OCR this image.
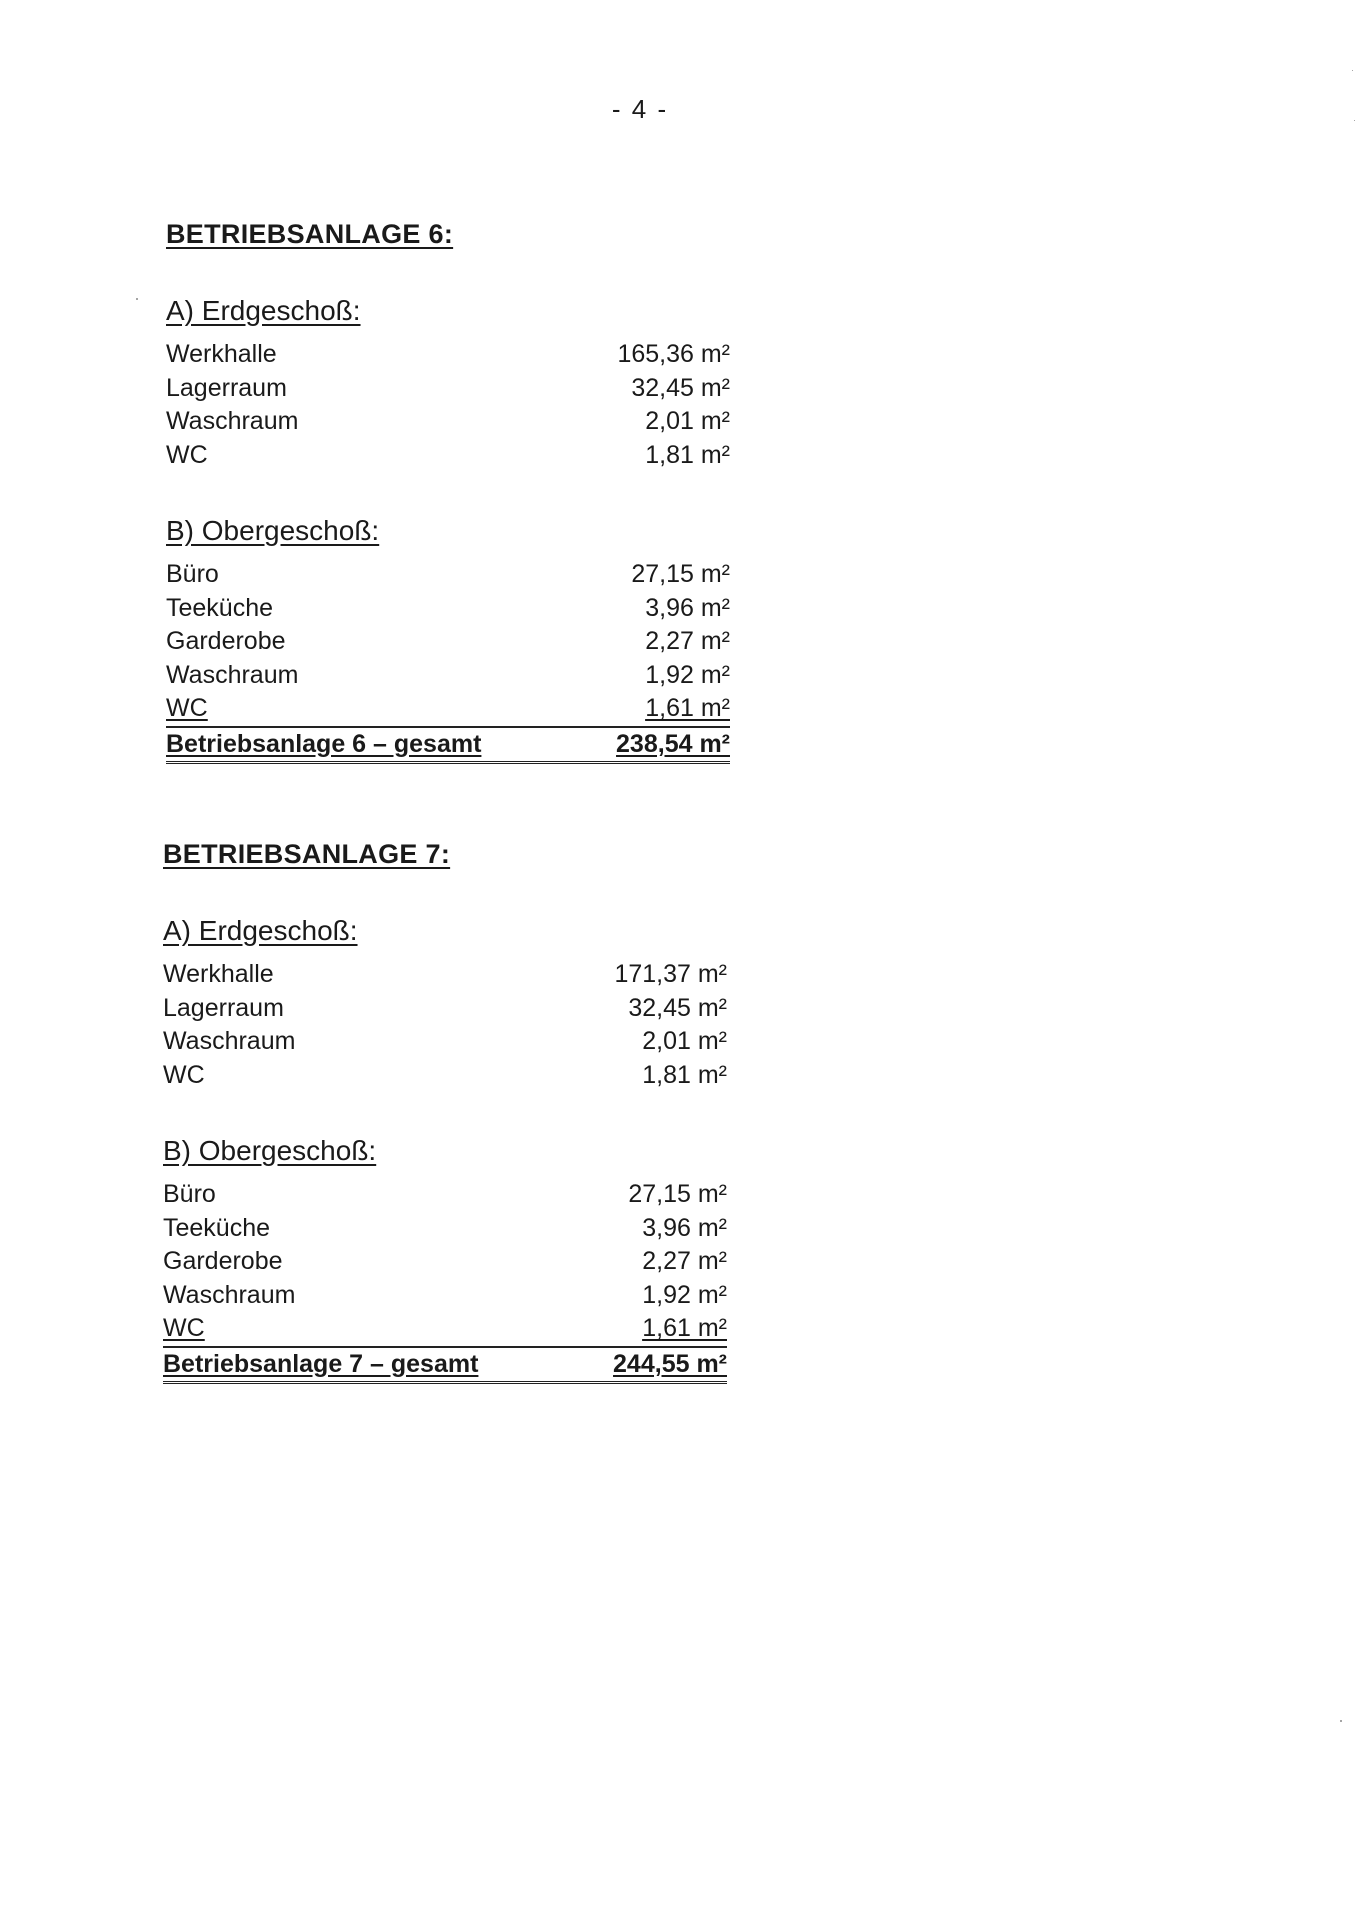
- 4 -
BETRIEBSANLAGE 6:
A) Erdgeschoß:
Werkhalle	165,36 m²
Lagerraum	32,45 m²
Waschraum	2,01 m²
WC	1,81 m²
B) Obergeschoß:
Büro	27,15 m²
Teeküche	3,96 m²
Garderobe	2,27 m²
Waschraum	1,92 m²
WC	1,61 m²
Betriebsanlage 6 – gesamt	238,54 m²
BETRIEBSANLAGE 7:
A) Erdgeschoß:
Werkhalle	171,37 m²
Lagerraum	32,45 m²
Waschraum	2,01 m²
WC	1,81 m²
B) Obergeschoß:
Büro	27,15 m²
Teeküche	3,96 m²
Garderobe	2,27 m²
Waschraum	1,92 m²
WC	1,61 m²
Betriebsanlage 7 – gesamt	244,55 m²
